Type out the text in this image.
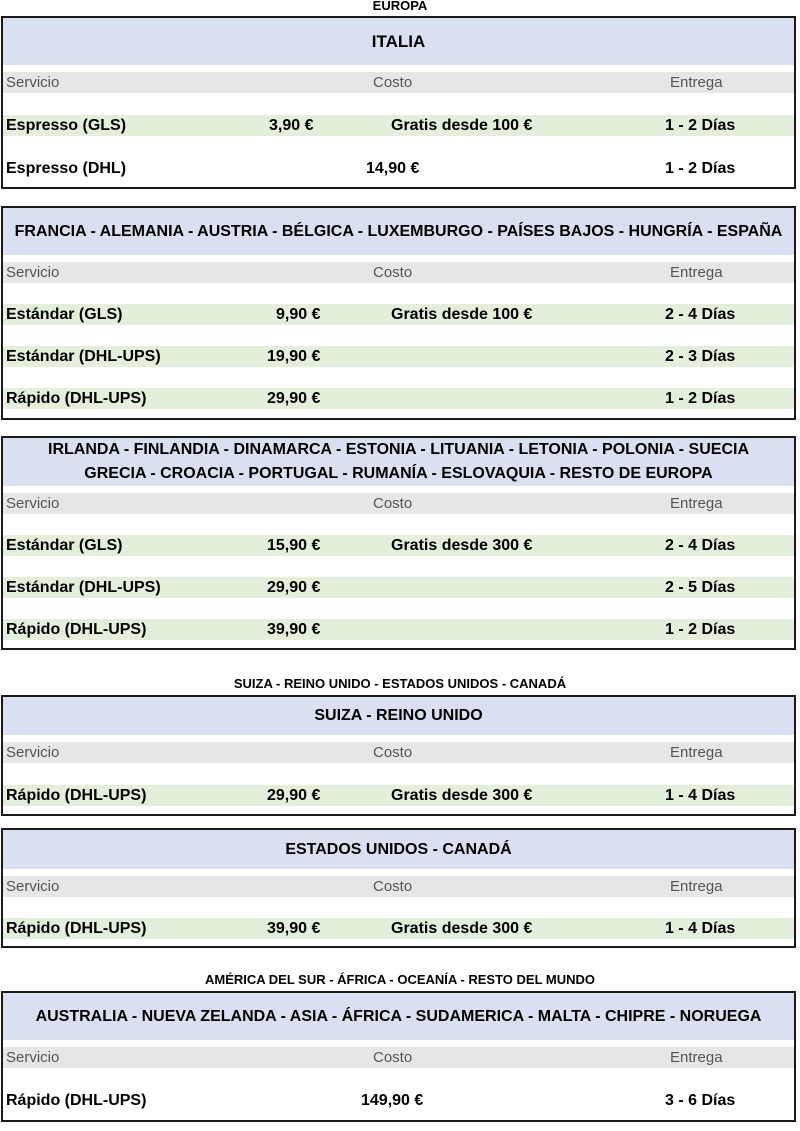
EUROPA
ITALIA
Servicio	Costo	Entrega
Espresso (GLS)	3,90 €	Gratis desde 100 €	1 - 2 Días
Espresso (DHL)	14,90 €	1 - 2 Días
FRANCIA - ALEMANIA - AUSTRIA - BÉLGICA - LUXEMBURGO - PAÍSES BAJOS - HUNGRÍA - ESPAÑA
Servicio	Costo	Entrega
Estándar (GLS)	9,90 €	Gratis desde 100 €	2 - 4 Días
Estándar (DHL-UPS)	19,90 €	2 - 3 Días
Rápido (DHL-UPS)	29,90 €	1 - 2 Días
IRLANDA - FINLANDIA - DINAMARCA - ESTONIA - LITUANIA - LETONIA - POLONIA - SUECIA
GRECIA - CROACIA - PORTUGAL - RUMANÍA - ESLOVAQUIA - RESTO DE EUROPA
Servicio	Costo	Entrega
Estándar (GLS)	15,90 €	Gratis desde 300 €	2 - 4 Días
Estándar (DHL-UPS)	29,90 €	2 - 5 Días
Rápido (DHL-UPS)	39,90 €	1 - 2 Días
SUIZA - REINO UNIDO - ESTADOS UNIDOS - CANADÁ
SUIZA - REINO UNIDO
Servicio	Costo	Entrega
Rápido (DHL-UPS)	29,90 €	Gratis desde 300 €	1 - 4 Días
ESTADOS UNIDOS - CANADÁ
Servicio	Costo	Entrega
Rápido (DHL-UPS)	39,90 €	Gratis desde 300 €	1 - 4 Días
AMÉRICA DEL SUR - ÁFRICA - OCEANÍA - RESTO DEL MUNDO
AUSTRALIA - NUEVA ZELANDA - ASIA - ÁFRICA - SUDAMERICA - MALTA - CHIPRE - NORUEGA
Servicio	Costo	Entrega
Rápido (DHL-UPS)	149,90 €	3 - 6 Días
